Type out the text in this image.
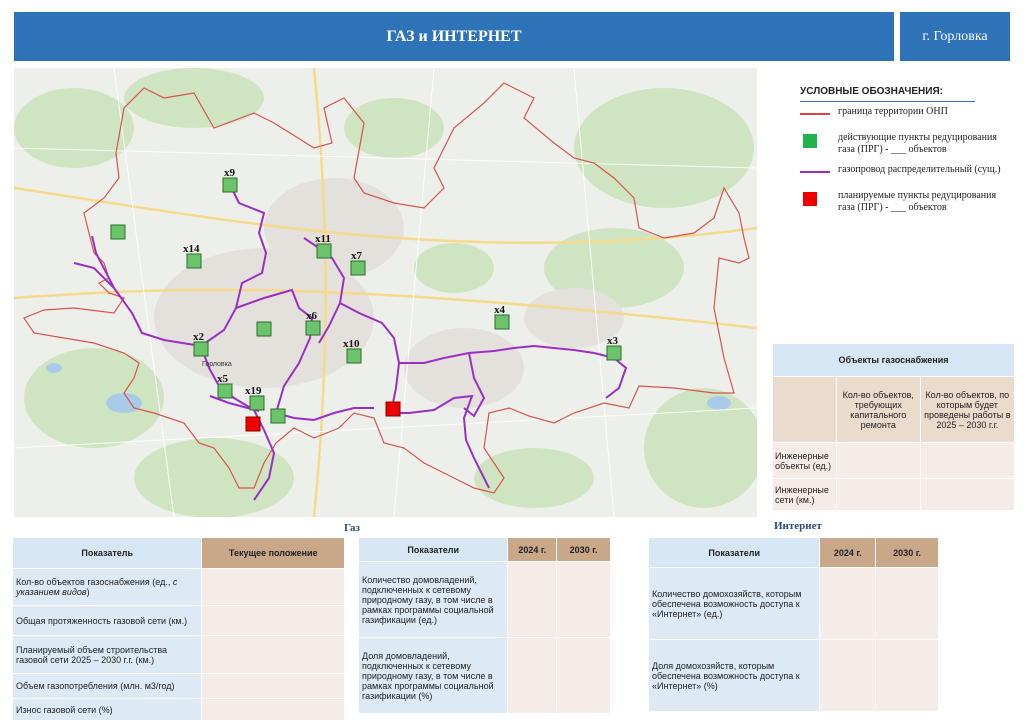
ГАЗ и ИНТЕРНЕТ	г. Горловка
Горловка
x9
x14
x11
x7
x6
x2
x10
x4
x3
x5
x19
УСЛОВНЫЕ ОБОЗНАЧЕНИЯ:
граница территории ОНП
действующие пункты редуцирования газа (ПРГ) - ___ объектов
газопровод распределительный (сущ.)
планируемые пункты редуцирования газа (ПРГ) - ___ объектов
Объекты газоснабжения		
	Кол-во объектов, требующих капитального ремонта	Кол-во объектов, по которым будет проведены работы в 2025 – 2030 г.г.
Инженерные объекты (ед.)		
Инженерные сети (км.)		
Газ	Интернет
Показатель	Текущее положение
Кол-во объектов газоснабжения (ед., с указанием видов)	
Общая протяженность газовой сети (км.)	
Планируемый объем строительства газовой сети 2025 – 2030 г.г. (км.)	
Объем газопотребления (млн. м3/год)	
Износ газовой сети (%)	
Показатели	2024 г.	2030 г.
Количество домовладений, подключенных к сетевому природному газу, в том числе в рамках программы социальной газификации (ед.)		
Доля домовладений, подключенных к сетевому природному газу, в том числе в рамках программы социальной газификации (%)		
Показатели	2024 г.	2030 г.
Количество домохозяйств, которым обеспечена возможность доступа к «Интернет» (ед.)		
Доля домохозяйств, которым обеспечена возможность доступа к «Интернет» (%)		
